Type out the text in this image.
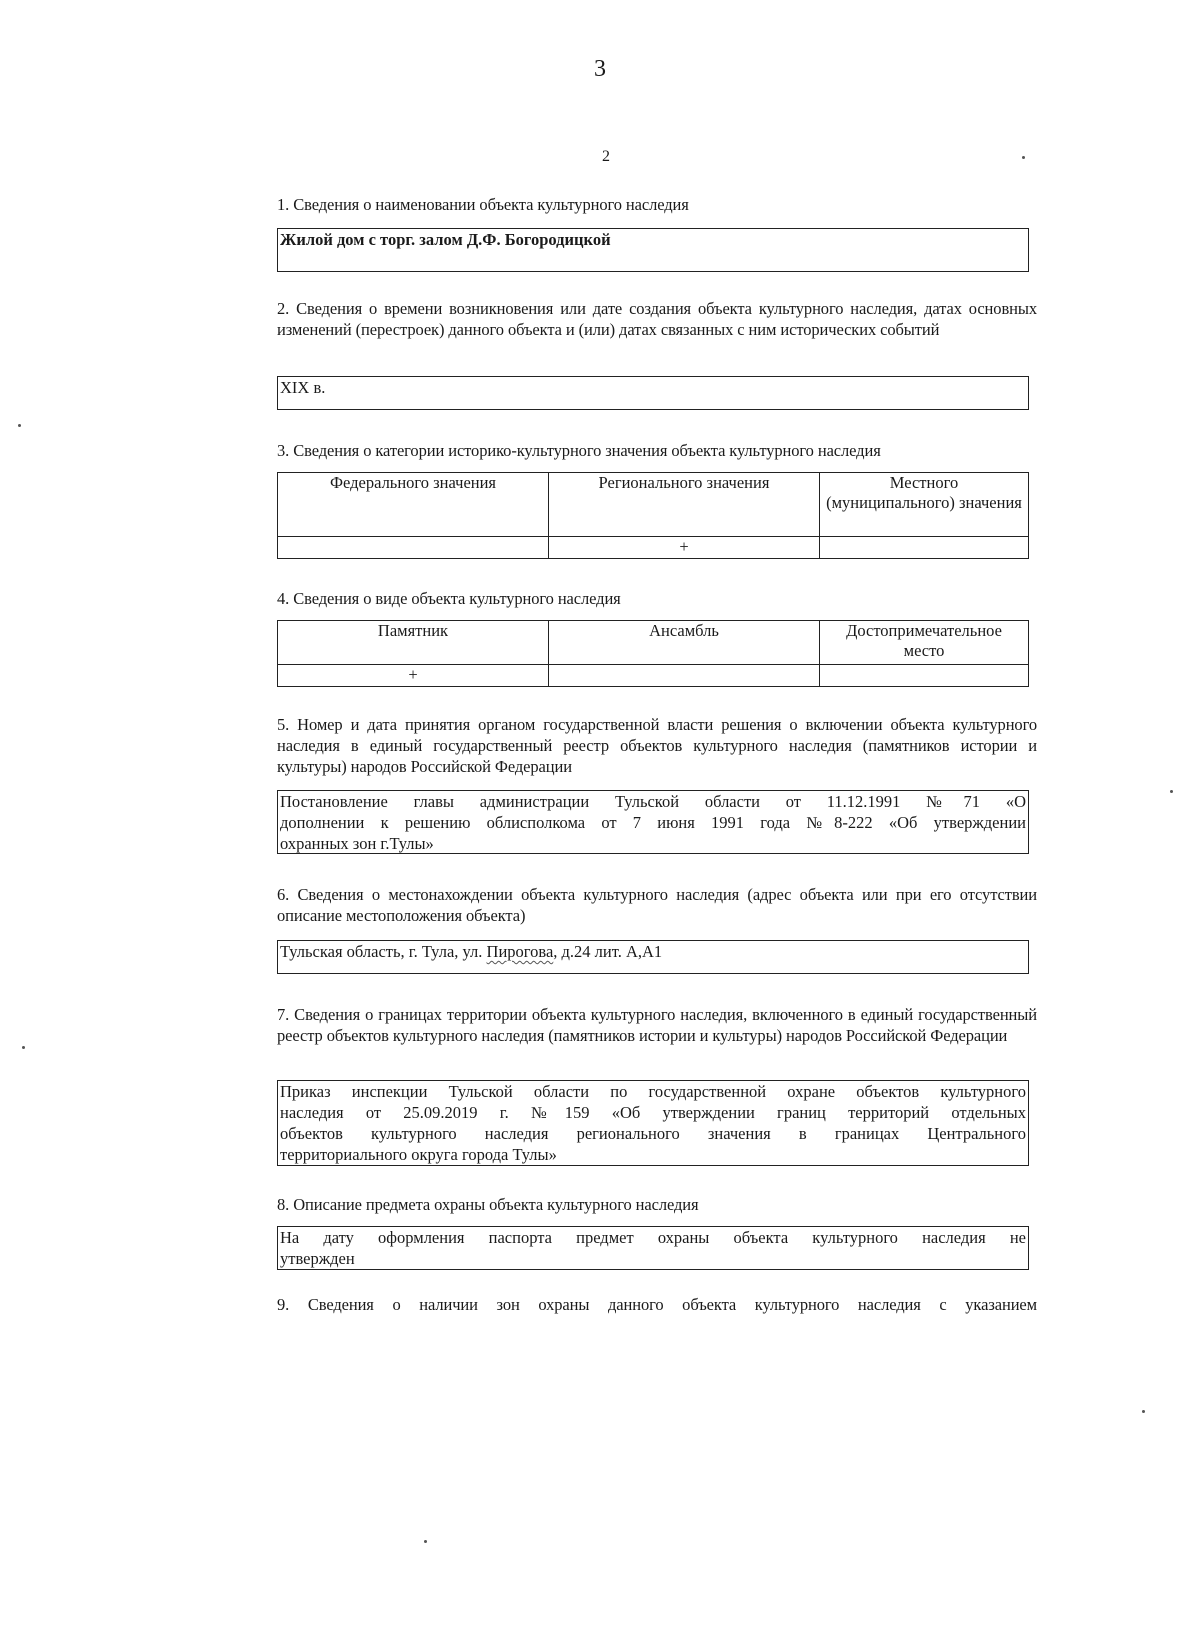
3
2
1. Сведения о наименовании объекта культурного наследия
Жилой дом с торг. залом Д.Ф. Богородицкой
2. Сведения о времени возникновения или дате создания объекта культурного наследия, датах основных изменений (перестроек) данного объекта и (или) датах связанных с ним исторических событий
XIX в.
3. Сведения о категории историко-культурного значения объекта культурного наследия
Федерального значения	Регионального значения	Местного (муниципального) значения
	+	
4. Сведения о виде объекта культурного наследия
Памятник	Ансамбль	Достопримечательное место
+		
5. Номер и дата принятия органом государственной власти решения о включении объекта культурного наследия в единый государственный реестр объектов культурного наследия (памятников истории и культуры) народов Российской Федерации
Постановление главы администрации Тульской области от 11.12.1991 №71 «О
дополнении к решению облисполкома от 7 июня 1991 года №8-222 «Об утверждении
охранных зон г.Тулы»
6. Сведения о местонахождении объекта культурного наследия (адрес объекта или при его отсутствии описание местоположения объекта)
Тульская область, г. Тула, ул. Пирогова, д.24 лит. А,А1
7. Сведения о границах территории объекта культурного наследия, включенного в единый государственный реестр объектов культурного наследия (памятников истории и культуры) народов Российской Федерации
Приказ инспекции Тульской области по государственной охране объектов культурного
наследия от 25.09.2019 г. №159 «Об утверждении границ территорий отдельных
объектов культурного наследия регионального значения в границах Центрального
территориального округа города Тулы»
8. Описание предмета охраны объекта культурного наследия
На дату оформления паспорта предмет охраны объекта культурного наследия не
утвержден
9. Сведения о наличии зон охраны данного объекта культурного наследия с указанием
